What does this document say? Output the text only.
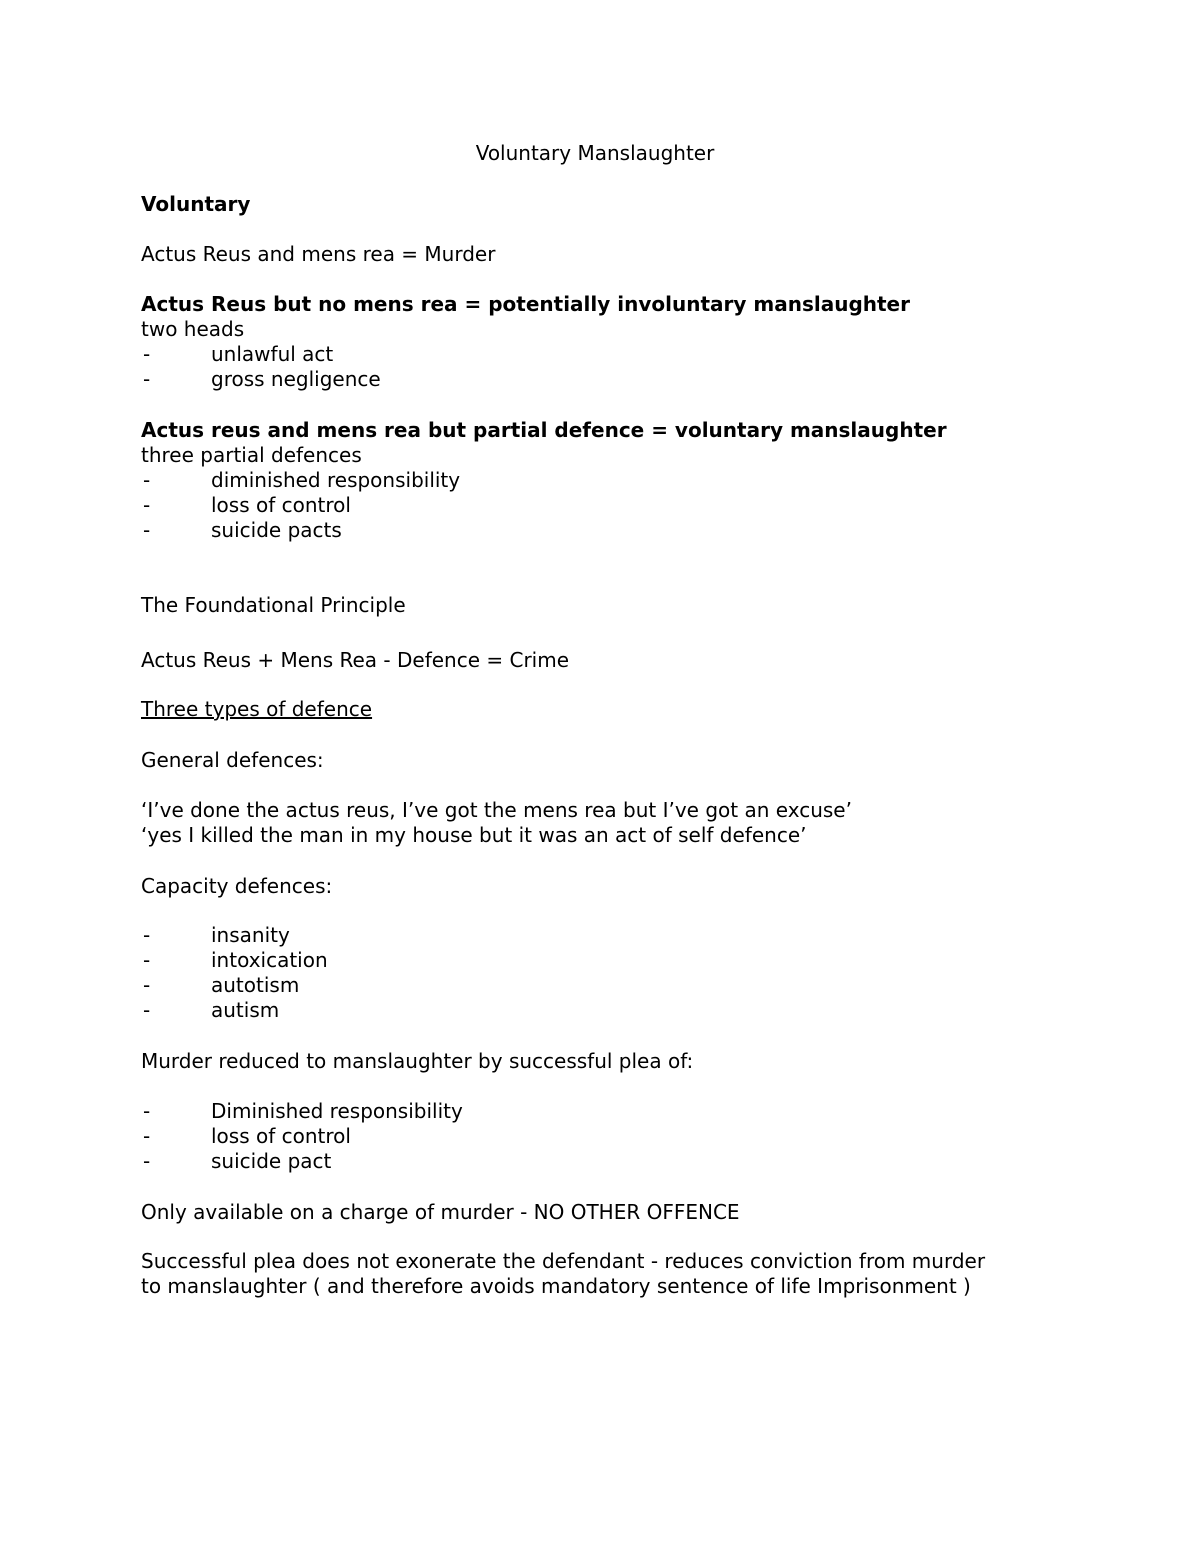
Voluntary Manslaughter
Voluntary
Actus Reus and mens rea = Murder
Actus Reus but no mens rea = potentially involuntary manslaughter
two heads
-	unlawful act
-	gross negligence
Actus reus and mens rea but partial defence = voluntary manslaughter
three partial defences
-	diminished responsibility
-	loss of control
-	suicide pacts
The Foundational Principle
Actus Reus + Mens Rea - Defence = Crime
Three types of defence
General defences:
‘I’ve done the actus reus, I’ve got the mens rea but I’ve got an excuse’
‘yes I killed the man in my house but it was an act of self defence’
Capacity defences:
-	insanity
-	intoxication
-	autotism
-	autism
Murder reduced to manslaughter by successful plea of:
-	Diminished responsibility
-	loss of control
-	suicide pact
Only available on a charge of murder - NO OTHER OFFENCE
Successful plea does not exonerate the defendant - reduces conviction from murder
to manslaughter ( and therefore avoids mandatory sentence of life Imprisonment )
